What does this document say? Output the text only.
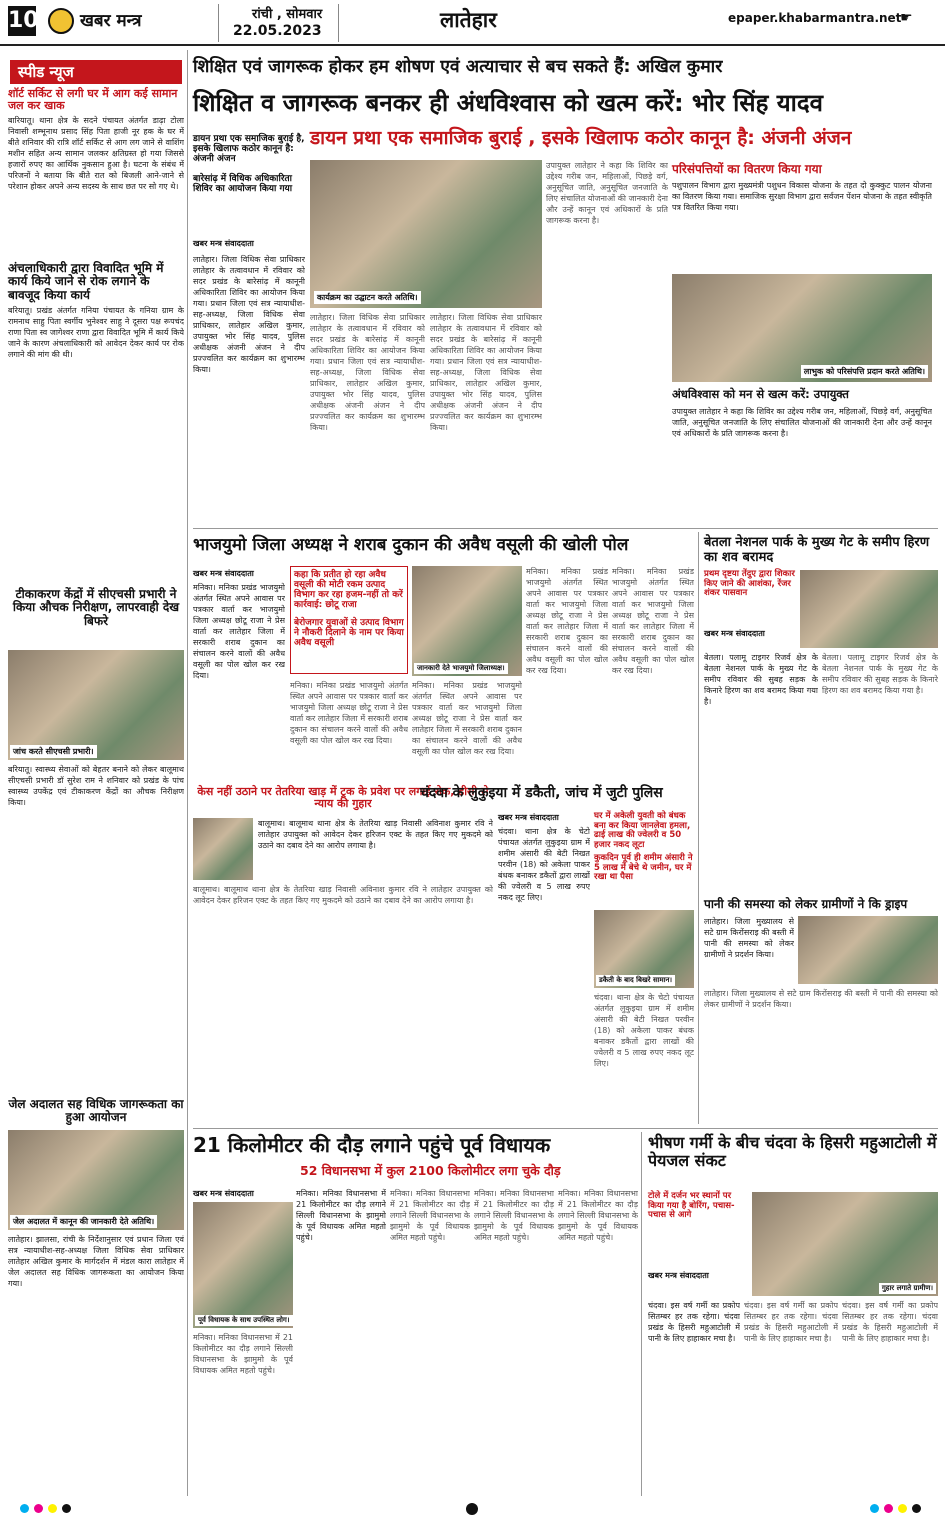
10 खबर मन्त्र	रांची , सोमवार
22.05.2023	लातेहार	epaper.khabarmantra.net
☛
स्पीड न्यूज
शॉर्ट सर्किट से लगी घर में आग कई सामान जल कर खाक
बारियातू। थाना क्षेत्र के सदने पंचायत अंतर्गत डाढ़ा टोला निवासी शम्भूनाथ प्रसाद सिंह पिता हाजी नूर हक के घर में बीते शनिवार की रात्रि शॉर्ट सर्किट से आग लग जाने से वाशिंग मशीन सहित अन्य सामान जलकर क्षतिग्रस्त हो गया जिससे हजारों रुपए का आर्थिक नुकसान हुआ है। घटना के संबंध में परिजनों ने बताया कि बीते रात को बिजली आने-जाने से परेशान होकर अपने अन्य सदस्य के साथ छत पर सो गए थे।
अंचलाधिकारी द्वारा विवादित भूमि में कार्य किये जाने से रोक लगाने के बावजूद किया कार्य
बरियातू। प्रखंड अंतर्गत गनिया पंचायत के गनिया ग्राम के रामनाथ साहु पिता स्वर्गीय भुनेश्वर साहु ने दूसरा पक्ष रूपचंद राणा पिता स्व जागेश्वर राणा द्वारा विवादित भूमि में कार्य किये जाने के कारण अंचलाधिकारी को आवेदन देकर कार्य पर रोक लगाने की मांग की थी।
टीकाकरण केंद्रों में सीएचसी प्रभारी ने किया औचक निरीक्षण, लापरवाही देख बिफरे
जांच करते सीएचसी प्रभारी।
बरियातू। स्वास्थ्य सेवाओं को बेहतर बनाने को लेकर बालूमाथ सीएचसी प्रभारी डॉ सुरेश राम ने शनिवार को प्रखंड के पांच स्वास्थ्य उपकेंद्र एवं टीकाकरण केंद्रों का औचक निरीक्षण किया।
जेल अदालत सह विधिक जागरूकता का हुआ आयोजन
जेल अदालत में कानून की जानकारी देते अतिथि।
लातेहार। झालसा, रांची के निर्देशानुसार एवं प्रधान जिला एवं सत्र न्यायाधीश-सह-अध्यक्ष जिला विधिक सेवा प्राधिकार लातेहार अखिल कुमार के मार्गदर्शन में मंडल कारा लातेहार में जेल अदालत सह विधिक जागरूकता का आयोजन किया गया।
शिक्षित एवं जागरूक होकर हम शोषण एवं अत्याचार से बच सकते हैं: अखिल कुमार
शिक्षित व जागरूक बनकर ही अंधविश्वास को खत्म करें: भोर सिंह यादव
डायन प्रथा एक समाजिक बुराई , इसके खिलाफ कठोर कानून है: अंजनी अंजन
डायन प्रथा एक समाजिक बुराई है, इसके खिलाफ कठोर कानून है: अंजनी अंजन
बारेसांढ़ में विधिक अधिकारिता शिविर का आयोजन किया गया
खबर मन्त्र संवाददाता
लातेहार। जिला विधिक सेवा प्राधिकार लातेहार के तत्वावधान में रविवार को सदर प्रखंड के बारेसांढ़ में कानूनी अधिकारिता शिविर का आयोजन किया गया। प्रधान जिला एवं सत्र न्यायाधीश-सह-अध्यक्ष, जिला विधिक सेवा प्राधिकार, लातेहार अखिल कुमार, उपायुक्त भोर सिंह यादव, पुलिस अधीक्षक अंजनी अंजन ने दीप प्रज्ज्वलित कर कार्यक्रम का शुभारम्भ किया।
कार्यक्रम का उद्घाटन करते अतिथि।
लातेहार। जिला विधिक सेवा प्राधिकार लातेहार के तत्वावधान में रविवार को सदर प्रखंड के बारेसांढ़ में कानूनी अधिकारिता शिविर का आयोजन किया गया। प्रधान जिला एवं सत्र न्यायाधीश-सह-अध्यक्ष, जिला विधिक सेवा प्राधिकार, लातेहार अखिल कुमार, उपायुक्त भोर सिंह यादव, पुलिस अधीक्षक अंजनी अंजन ने दीप प्रज्ज्वलित कर कार्यक्रम का शुभारम्भ किया।
लातेहार। जिला विधिक सेवा प्राधिकार लातेहार के तत्वावधान में रविवार को सदर प्रखंड के बारेसांढ़ में कानूनी अधिकारिता शिविर का आयोजन किया गया। प्रधान जिला एवं सत्र न्यायाधीश-सह-अध्यक्ष, जिला विधिक सेवा प्राधिकार, लातेहार अखिल कुमार, उपायुक्त भोर सिंह यादव, पुलिस अधीक्षक अंजनी अंजन ने दीप प्रज्ज्वलित कर कार्यक्रम का शुभारम्भ किया।
उपायुक्त लातेहार ने कहा कि शिविर का उद्देश्य गरीब जन, महिलाओं, पिछड़े वर्ग, अनुसूचित जाति, अनुसूचित जनजाति के लिए संचालित योजनाओं की जानकारी देना और उन्हें कानून एवं अधिकारों के प्रति जागरूक करना है।
परिसंपत्तियों का वितरण किया गया
पशुपालन विभाग द्वारा मुख्यमंत्री पशुधन विकास योजना के तहत दो कुक्कुट पालन योजना का वितरण किया गया। समाजिक सुरक्षा विभाग द्वारा सर्वजन पेंशन योजना के तहत स्वीकृति पत्र वितरित किया गया।
लाभुक को परिसंपत्ति प्रदान करते अतिथि।
अंधविश्वास को मन से खत्म करें: उपायुक्त
उपायुक्त लातेहार ने कहा कि शिविर का उद्देश्य गरीब जन, महिलाओं, पिछड़े वर्ग, अनुसूचित जाति, अनुसूचित जनजाति के लिए संचालित योजनाओं की जानकारी देना और उन्हें कानून एवं अधिकारों के प्रति जागरूक करना है।
भाजयुमो जिला अध्यक्ष ने शराब दुकान की अवैध वसूली की खोली पोल
खबर मन्त्र संवाददाता
मनिका। मनिका प्रखंड भाजयुमो अंतर्गत स्थित अपने आवास पर पत्रकार वार्ता कर भाजयुमो जिला अध्यक्ष छोटू राजा ने प्रेस वार्ता कर लातेहार जिला में सरकारी शराब दुकान का संचालन करने वालों की अवैध वसूली का पोल खोल कर रख दिया।
कहा कि प्रतीत हो रहा अवैध वसूली की मोटी रकम उत्पाद विभाग कर रहा हजम-नहीं तो करें कार्रवाई: छोटू राजा
बेरोजगार युवाओं से उत्पाद विभाग ने नौकरी दिलाने के नाम पर किया अवैध वसूली
जानकारी देते भाजयुमो जिलाध्यक्ष।
मनिका। मनिका प्रखंड भाजयुमो अंतर्गत स्थित अपने आवास पर पत्रकार वार्ता कर भाजयुमो जिला अध्यक्ष छोटू राजा ने प्रेस वार्ता कर लातेहार जिला में सरकारी शराब दुकान का संचालन करने वालों की अवैध वसूली का पोल खोल कर रख दिया।
मनिका। मनिका प्रखंड भाजयुमो अंतर्गत स्थित अपने आवास पर पत्रकार वार्ता कर भाजयुमो जिला अध्यक्ष छोटू राजा ने प्रेस वार्ता कर लातेहार जिला में सरकारी शराब दुकान का संचालन करने वालों की अवैध वसूली का पोल खोल कर रख दिया।
मनिका। मनिका प्रखंड भाजयुमो अंतर्गत स्थित अपने आवास पर पत्रकार वार्ता कर भाजयुमो जिला अध्यक्ष छोटू राजा ने प्रेस वार्ता कर लातेहार जिला में सरकारी शराब दुकान का संचालन करने वालों की अवैध वसूली का पोल खोल कर रख दिया।
मनिका। मनिका प्रखंड भाजयुमो अंतर्गत स्थित अपने आवास पर पत्रकार वार्ता कर भाजयुमो जिला अध्यक्ष छोटू राजा ने प्रेस वार्ता कर लातेहार जिला में सरकारी शराब दुकान का संचालन करने वालों की अवैध वसूली का पोल खोल कर रख दिया।
केस नहीं उठाने पर तेतरिया खाड़ में ट्रक के प्रवेश पर लगाई रोक, डीसी से न्याय की गुहार
बालूमाथ। बालूमाथ थाना क्षेत्र के तेतरिया खाड़ निवासी अविनाश कुमार रवि ने लातेहार उपायुक्त को आवेदन देकर हरिजन एक्ट के तहत किए गए मुकदमे को उठाने का दबाव देने का आरोप लगाया है।
बालूमाथ। बालूमाथ थाना क्षेत्र के तेतरिया खाड़ निवासी अविनाश कुमार रवि ने लातेहार उपायुक्त को आवेदन देकर हरिजन एक्ट के तहत किए गए मुकदमे को उठाने का दबाव देने का आरोप लगाया है।
चंदवा के लुकुइया में डकैती, जांच में जुटी पुलिस
खबर मन्त्र संवाददाता
चंदवा। थाना क्षेत्र के चेटो पंचायत अंतर्गत लुकुइया ग्राम में शमीम अंसारी की बेटी निखत परवीन (18) को अकेला पाकर बंधक बनाकर डकैतों द्वारा लाखों की ज्वेलरी व 5 लाख रुपए नकद लूट लिए।
घर में अकेली युवती को बंधक बना कर किया जानलेवा हमला, ढाई लाख की ज्वेलरी व 50 हजार नकद लूटा
कुकदिन पूर्व ही शमीम अंसारी ने 5 लाख में बेचे थे जमीन, घर में रखा था पैसा
डकैती के बाद बिखरे सामान।
चंदवा। थाना क्षेत्र के चेटो पंचायत अंतर्गत लुकुइया ग्राम में शमीम अंसारी की बेटी निखत परवीन (18) को अकेला पाकर बंधक बनाकर डकैतों द्वारा लाखों की ज्वेलरी व 5 लाख रुपए नकद लूट लिए।
बेतला नेशनल पार्क के मुख्य गेट के समीप हिरण का शव बरामद
प्रथम दृष्टया तेंदुए द्वारा शिकार किए जाने की आशंका, रेंजर शंकर पासवान
खबर मन्त्र संवाददाता
बेतला। पलामू टाइगर रिजर्व क्षेत्र के बेतला नेशनल पार्क के मुख्य गेट के समीप रविवार की सुबह सड़क के किनारे हिरण का शव बरामद किया गया है।
बेतला। पलामू टाइगर रिजर्व क्षेत्र के बेतला नेशनल पार्क के मुख्य गेट के समीप रविवार की सुबह सड़क के किनारे हिरण का शव बरामद किया गया है।
पानी की समस्या को लेकर ग्रामीणों ने कि ड्राइप
लातेहार। जिला मुख्यालय से सटे ग्राम किरोंसराइ की बस्ती में पानी की समस्या को लेकर ग्रामीणों ने प्रदर्शन किया।
लातेहार। जिला मुख्यालय से सटे ग्राम किरोंसराइ की बस्ती में पानी की समस्या को लेकर ग्रामीणों ने प्रदर्शन किया।
21 किलोमीटर की दौड़ लगाने पहुंचे पूर्व विधायक
52 विधानसभा में कुल 2100 किलोमीटर लगा चुके दौड़
खबर मन्त्र संवाददाता
पूर्व विधायक के साथ उपस्थित लोग।
मनिका। मनिका विधानसभा में 21 किलोमीटर का दौड़ लगाने सिल्ली विधानसभा के झामुमो के पूर्व विधायक अमित महतो पहुंचे।
मनिका। मनिका विधानसभा में 21 किलोमीटर का दौड़ लगाने सिल्ली विधानसभा के झामुमो के पूर्व विधायक अमित महतो पहुंचे।
मनिका। मनिका विधानसभा में 21 किलोमीटर का दौड़ लगाने सिल्ली विधानसभा के झामुमो के पूर्व विधायक अमित महतो पहुंचे।
मनिका। मनिका विधानसभा में 21 किलोमीटर का दौड़ लगाने सिल्ली विधानसभा के झामुमो के पूर्व विधायक अमित महतो पहुंचे।
मनिका। मनिका विधानसभा में 21 किलोमीटर का दौड़ लगाने सिल्ली विधानसभा के झामुमो के पूर्व विधायक अमित महतो पहुंचे।
भीषण गर्मी के बीच चंदवा के हिसरी महुआटोली में पेयजल संकट
टोले में दर्जन भर स्थानों पर किया गया है बोरिंग, पचास-पचास से आगे
गुहार लगाते ग्रामीण।
खबर मन्त्र संवाददाता
चंदवा। इस वर्ष गर्मी का प्रकोप सितम्बर हर तक रहेगा। चंदवा प्रखंड के हिसरी महुआटोली में पानी के लिए हाहाकार मचा है।
चंदवा। इस वर्ष गर्मी का प्रकोप सितम्बर हर तक रहेगा। चंदवा प्रखंड के हिसरी महुआटोली में पानी के लिए हाहाकार मचा है।
चंदवा। इस वर्ष गर्मी का प्रकोप सितम्बर हर तक रहेगा। चंदवा प्रखंड के हिसरी महुआटोली में पानी के लिए हाहाकार मचा है।
